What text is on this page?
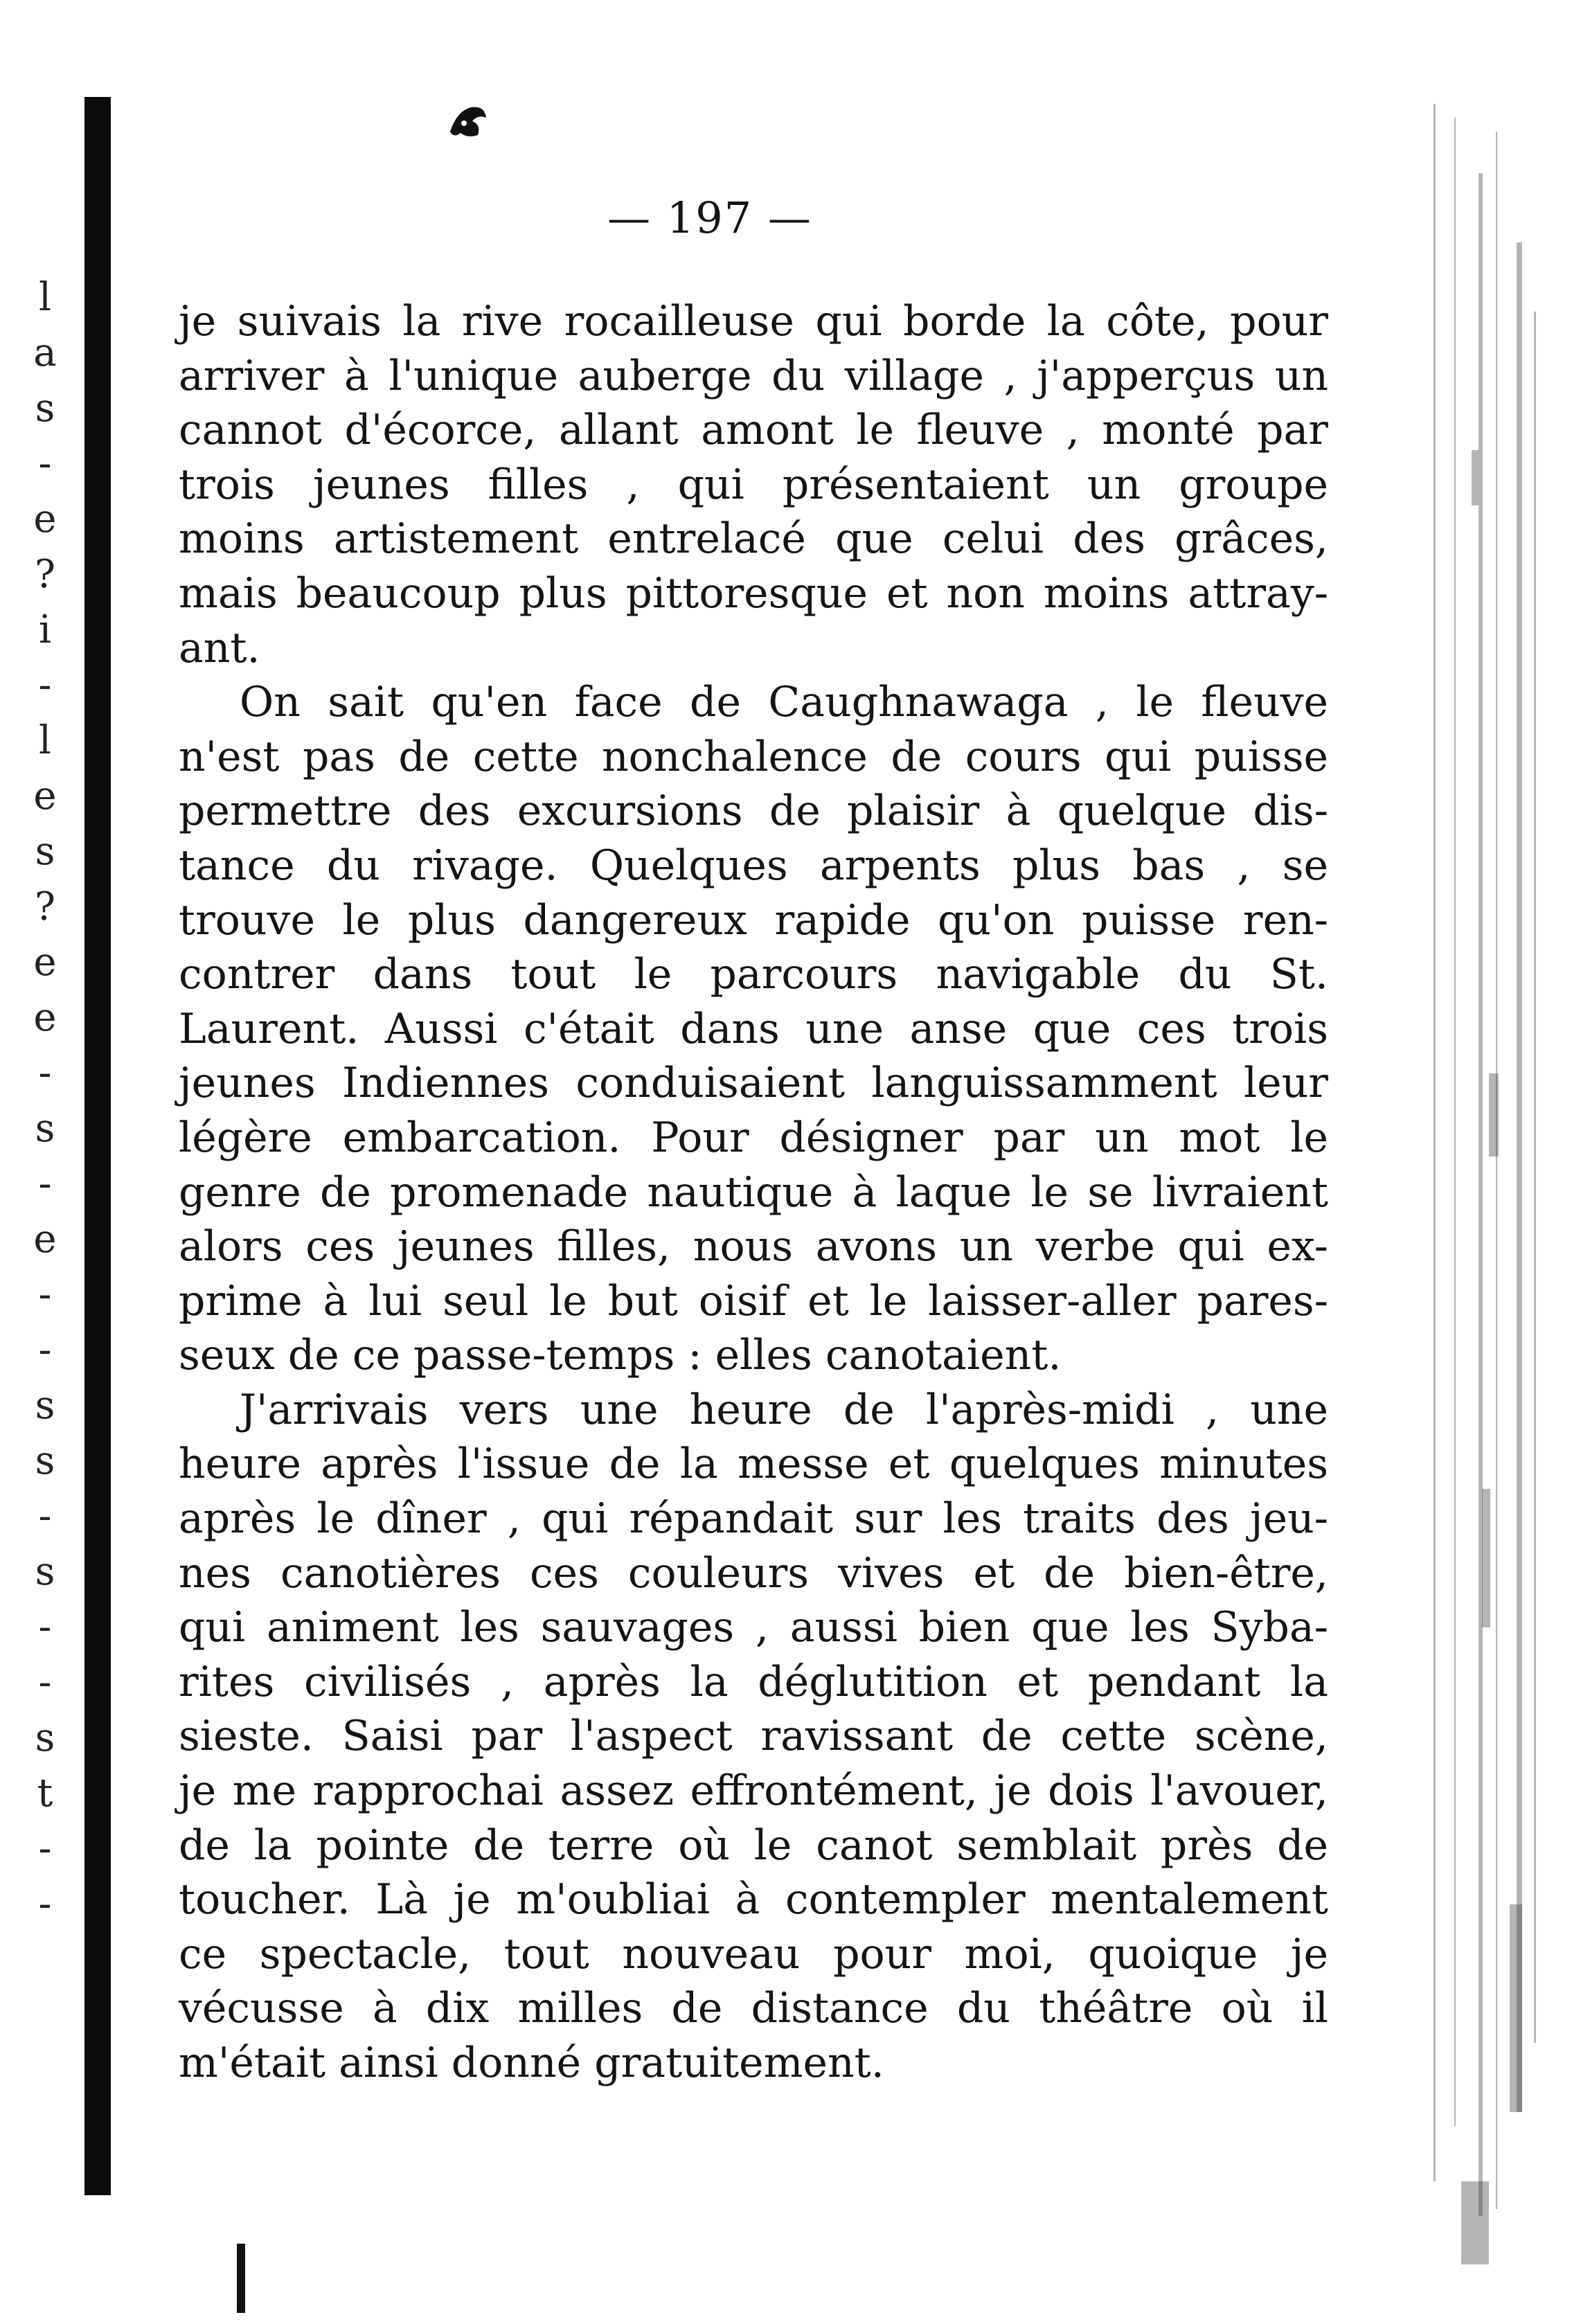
l
a
s
-
e
?
i
-
l
e
s
?
e
e
-
s
-
e
-
-
s
s
-
s
-
-
s
t
-
-
— 197 —
je suivais la rive rocailleuse qui borde la côte, pour
arriver à l'unique auberge du village , j'apperçus un
cannot d'écorce, allant amont le fleuve , monté par
trois jeunes filles , qui présentaient un groupe
moins artistement entrelacé que celui des grâces,
mais beaucoup plus pittoresque et non moins attray-
ant.
On sait qu'en face de Caughnawaga , le fleuve
n'est pas de cette nonchalence de cours qui puisse
permettre des excursions de plaisir à quelque dis-
tance du rivage. Quelques arpents plus bas , se
trouve le plus dangereux rapide qu'on puisse ren-
contrer dans tout le parcours navigable du St.
Laurent. Aussi c'était dans une anse que ces trois
jeunes Indiennes conduisaient languissamment leur
légère embarcation. Pour désigner par un mot le
genre de promenade nautique à laque le se livraient
alors ces jeunes filles, nous avons un verbe qui ex-
prime à lui seul le but oisif et le laisser-aller pares-
seux de ce passe-temps : elles canotaient.
J'arrivais vers une heure de l'après-midi , une
heure après l'issue de la messe et quelques minutes
après le dîner , qui répandait sur les traits des jeu-
nes canotières ces couleurs vives et de bien-être,
qui animent les sauvages , aussi bien que les Syba-
rites civilisés , après la déglutition et pendant la
sieste. Saisi par l'aspect ravissant de cette scène,
je me rapprochai assez effrontément, je dois l'avouer,
de la pointe de terre où le canot semblait près de
toucher. Là je m'oubliai à contempler mentalement
ce spectacle, tout nouveau pour moi, quoique je
vécusse à dix milles de distance du théâtre où il
m'était ainsi donné gratuitement.
